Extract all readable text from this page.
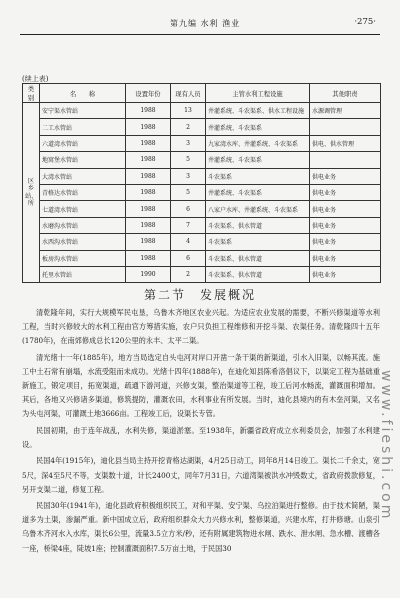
第九编 水利 渔业	·275·
(续上表)
类别	名　　称	设置年份	现有人员	主管水利工程设施	其他职责
区乡站、所	安宁渠水管站	1988	13	井灌系统、斗农渠系、供水工程设施	水源调管理
	二工水管站	1988	2	井灌系统、斗农渠系	
	六道湾水管站	1988	3	九家湾水库、井灌系统、斗农渠系	供电、供水管理
	地窝堡水管站	1988	5	井灌系统、斗农渠系	
	大湾水管站	1988	3	斗农渠系	供电业务
	青格达水管站	1988	5	井灌系统、斗农渠系	供电业务
	七道湾水管站	1988	6	八家户水库、井灌系统、斗农渠系	供电业务
	水磨沟水管站	1988	7	斗农渠系、供水管道	供电业务
	水西沟水管站	1988	4	斗农渠系	供电业务
	板房沟水管站	1988	6	斗农渠系、供水管道	供电业务
	托里水管站	1990	2	斗农渠系、供水管道	供电业务
第二节　发展概况

清乾隆年间，实行大规模军民屯垦，乌鲁木齐地区农业兴起。为适应农业发展的需要，不断兴修渠道等水利工程，当时兴修较大的水利工程由官方筹措实施，农户只负担工程维修和开挖斗渠、农渠任务。清乾隆四十五年(1780年)，在南郊修成总长120公里的永丰、太平二渠。

清光绪十一年(1885年)，地方当局选定自头屯河对岸口开凿一条干渠的新渠道，引水入旧渠，以畅其流。施工中土石常有崩塌，水流受阻而未成功。光绪十四年(1888年)，在迪化知县陈希洛倡议下，以渠定工程为基础重新施工，锻定项目，拓宽渠道，疏通下游河道，兴修支渠，整治渠道等工程，竣工后河水畅流，灌溉面积增加。其后，各地又兴修诸多渠道，修筑提防，灌溉农田，水利事业有所发展。当时，迪化县境内的有木垒河渠，又名为头屯河渠，可灌溉土地3666亩。工程竣工后，设渠长专管。

民国初期，由于连年战乱，水利失修，渠道淤塞。至1938年，新疆省政府成立水利委员会，加强了水利建设。

民国4年(1915年)，迪化县当局主持开挖青格达湖渠，4月25日动工，同年8月14日竣工。渠长二千余丈，宽5尺，深4至5尺不等，支渠数十道，计长2400丈，同年7月31日，六道湾渠被洪水冲毁数丈，省政府拨款修复，另开支渠二道，修复工程。

民国30年(1941年)，迪化县政府积极组织民工，对和平渠、安宁渠、乌拉泊渠进行整修。由于技术简陋，渠道多为土渠，渗漏严重。新中国成立后，政府组织群众大力兴修水利，整修渠道，兴建水库，打井修塘。山泉引乌鲁木齐河水入水库，渠长6公里，流量3.5立方米/秒，还有附属建筑物进水闸、跌水、泄水闸、急水槽、渡槽各一座，桥梁4座，陡坡1座；控制灌溉面积7.5万亩土地，于民国30

www.fieshi.com
